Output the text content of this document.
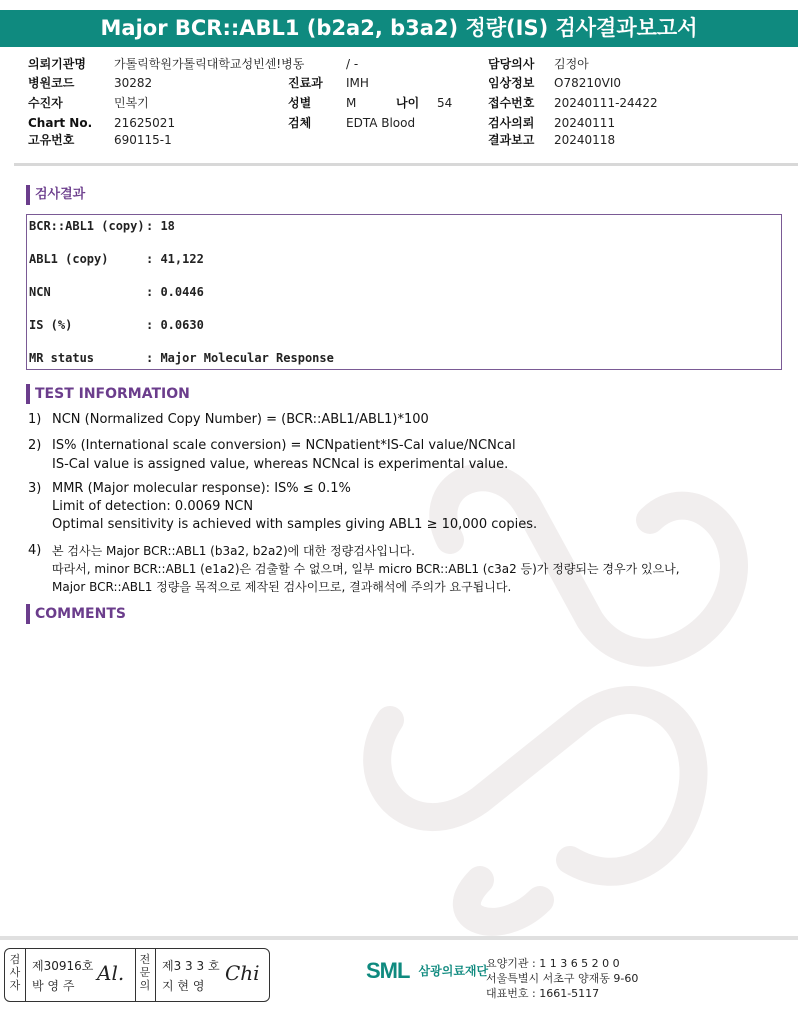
Major BCR::ABL1 (b2a2, b3a2) 정량(IS) 검사결과보고서
의뢰기관명 가톨릭학원가톨릭대학교성빈센!병동	/ -	담당의사 김정아
병원코드	30282	진료과 IMH	임상정보 O78210VI0
수진자	민복기	성별	M	나이 54	접수번호 20240111-24422
Chart No. 21625021	검체	EDTA Blood	검사의뢰 20240111
고유번호	690115-1	결과보고 20240118
검사결과
BCR::ABL1 (copy): 18
ABL1 (copy)	: 41,122
NCN	: 0.0446
IS (%)	: 0.0630
MR status	: Major Molecular Response
TEST INFORMATION
1) NCN (Normalized Copy Number) = (BCR::ABL1/ABL1)*100
2) IS% (International scale conversion) = NCNpatient*IS-Cal value/NCNcal
IS-Cal value is assigned value, whereas NCNcal is experimental value.
3) MMR (Major molecular response): IS% ≤ 0.1%
Limit of detection: 0.0069 NCN
Optimal sensitivity is achieved with samples giving ABL1 ≥ 10,000 copies.
4) 본 검사는 Major BCR::ABL1 (b3a2, b2a2)에 대한 정량검사입니다.
따라서, minor BCR::ABL1 (e1a2)은 검출할 수 없으며, 일부 micro BCR::ABL1 (c3a2 등)가 정량되는 경우가 있으나,
Major BCR::ABL1 정량을 목적으로 제작된 검사이므로, 결과해석에 주의가 요구됩니다.
COMMENTS
검
사
자
제30916호
박 영 주
Al.
전
문
의
제3 3 3 호
지 현 영
Chi	SML 삼광의료재단
요양기관 : 1 1 3 6 5 2 0 0
서울특별시 서초구 양재동 9-60
대표번호 : 1661-5117
